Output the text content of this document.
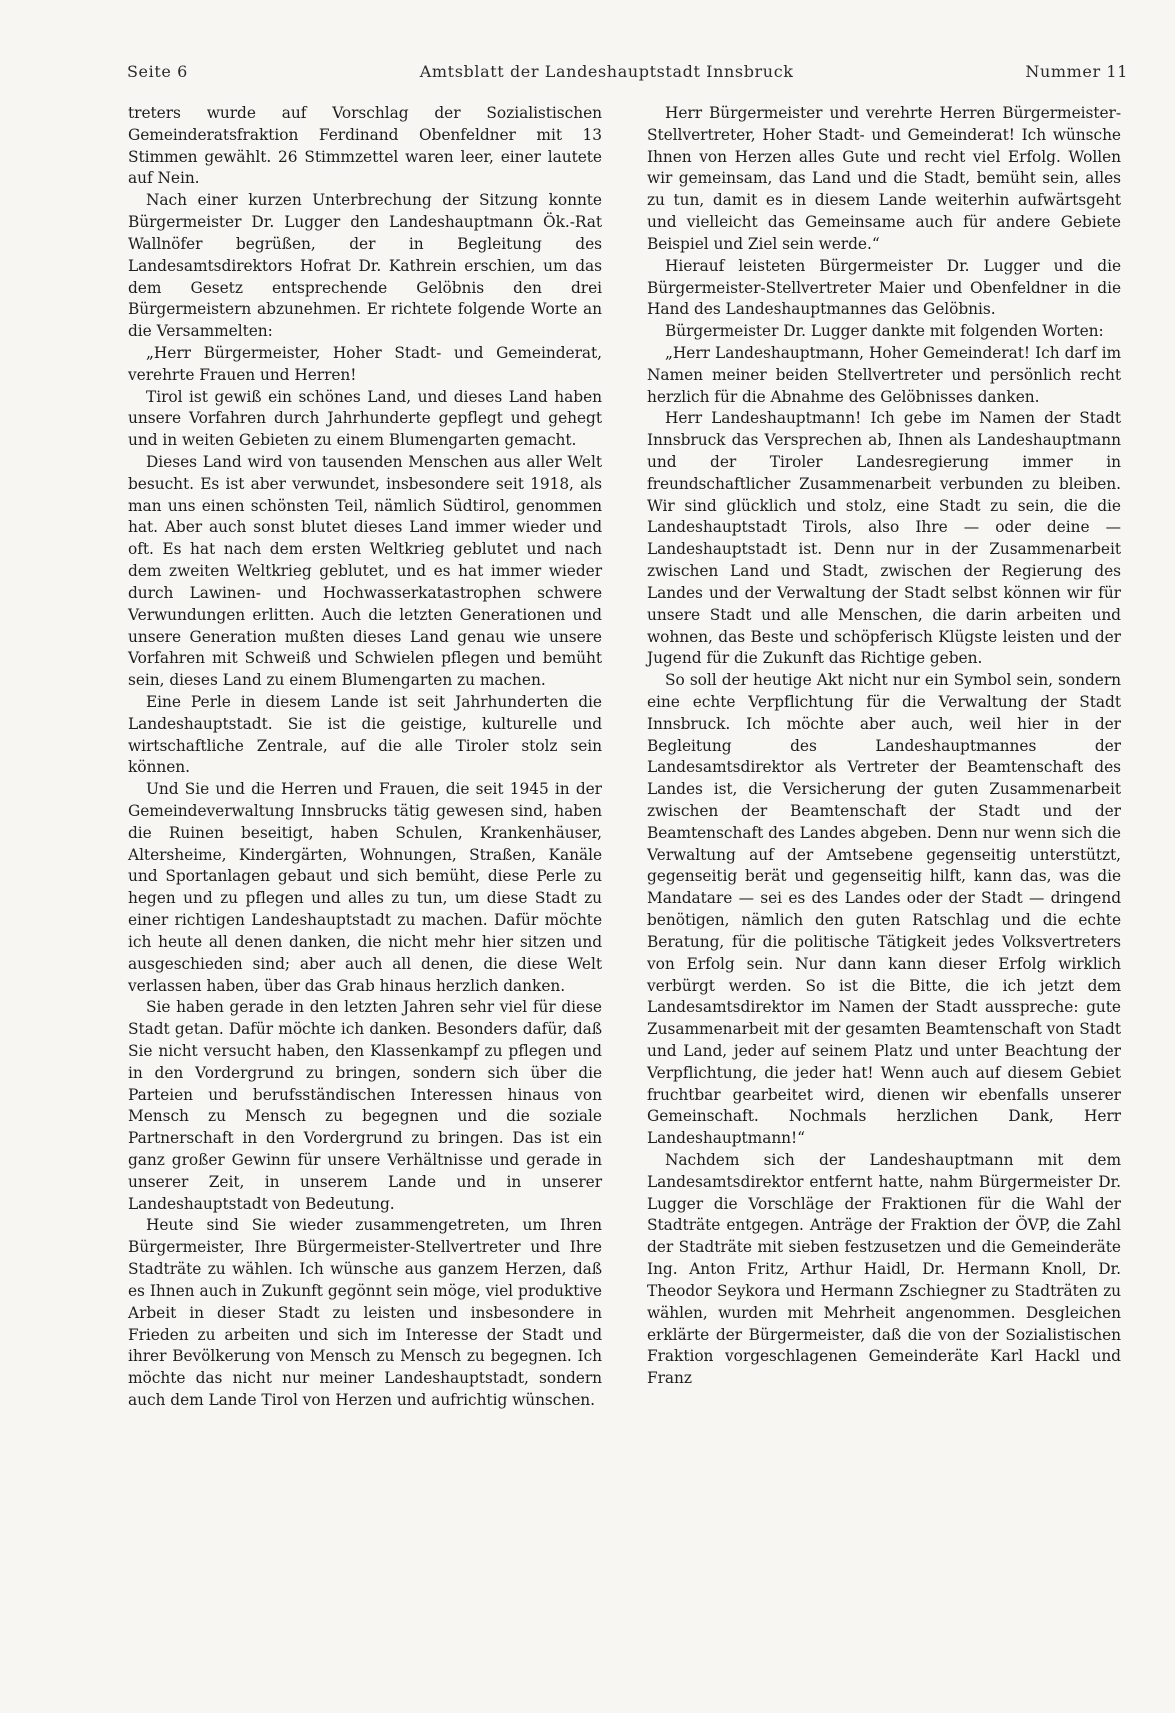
Seite 6	Amtsblatt der Landeshauptstadt Innsbruck	Nummer 11

treters wurde auf Vorschlag der Sozialistischen Gemeinderatsfraktion Ferdinand Obenfeldner mit 13 Stimmen gewählt. 26 Stimmzettel waren leer, einer lautete auf Nein.

Nach einer kurzen Unterbrechung der Sitzung konnte Bürgermeister Dr. Lugger den Landeshauptmann Ök.-Rat Wallnöfer begrüßen, der in Begleitung des Landesamtsdirektors Hofrat Dr. Kathrein erschien, um das dem Gesetz entsprechende Gelöbnis den drei Bürgermeistern abzunehmen. Er richtete folgende Worte an die Versammelten:

„Herr Bürgermeister, Hoher Stadt- und Gemeinderat, verehrte Frauen und Herren!

Tirol ist gewiß ein schönes Land, und dieses Land haben unsere Vorfahren durch Jahrhunderte gepflegt und gehegt und in weiten Gebieten zu einem Blumengarten gemacht.

Dieses Land wird von tausenden Menschen aus aller Welt besucht. Es ist aber verwundet, insbesondere seit 1918, als man uns einen schönsten Teil, nämlich Südtirol, genommen hat. Aber auch sonst blutet dieses Land immer wieder und oft. Es hat nach dem ersten Weltkrieg geblutet und nach dem zweiten Weltkrieg geblutet, und es hat immer wieder durch Lawinen- und Hochwasserkatastrophen schwere Verwundungen erlitten. Auch die letzten Generationen und unsere Generation mußten dieses Land genau wie unsere Vorfahren mit Schweiß und Schwielen pflegen und bemüht sein, dieses Land zu einem Blumengarten zu machen.

Eine Perle in diesem Lande ist seit Jahrhunderten die Landeshauptstadt. Sie ist die geistige, kulturelle und wirtschaftliche Zentrale, auf die alle Tiroler stolz sein können.

Und Sie und die Herren und Frauen, die seit 1945 in der Gemeindeverwaltung Innsbrucks tätig gewesen sind, haben die Ruinen beseitigt, haben Schulen, Krankenhäuser, Altersheime, Kindergärten, Wohnungen, Straßen, Kanäle und Sportanlagen gebaut und sich bemüht, diese Perle zu hegen und zu pflegen und alles zu tun, um diese Stadt zu einer richtigen Landeshauptstadt zu machen. Dafür möchte ich heute all denen danken, die nicht mehr hier sitzen und ausgeschieden sind; aber auch all denen, die diese Welt verlassen haben, über das Grab hinaus herzlich danken.

Sie haben gerade in den letzten Jahren sehr viel für diese Stadt getan. Dafür möchte ich danken. Besonders dafür, daß Sie nicht versucht haben, den Klassenkampf zu pflegen und in den Vordergrund zu bringen, sondern sich über die Parteien und berufsständischen Interessen hinaus von Mensch zu Mensch zu begegnen und die soziale Partnerschaft in den Vordergrund zu bringen. Das ist ein ganz großer Gewinn für unsere Verhältnisse und gerade in unserer Zeit, in unserem Lande und in unserer Landeshauptstadt von Bedeutung.

Heute sind Sie wieder zusammengetreten, um Ihren Bürgermeister, Ihre Bürgermeister-Stellvertreter und Ihre Stadträte zu wählen. Ich wünsche aus ganzem Herzen, daß es Ihnen auch in Zukunft gegönnt sein möge, viel produktive Arbeit in dieser Stadt zu leisten und insbesondere in Frieden zu arbeiten und sich im Interesse der Stadt und ihrer Bevölkerung von Mensch zu Mensch zu begegnen. Ich möchte das nicht nur meiner Landeshauptstadt, sondern auch dem Lande Tirol von Herzen und aufrichtig wünschen.

Herr Bürgermeister und verehrte Herren Bürgermeister-Stellvertreter, Hoher Stadt- und Gemeinderat! Ich wünsche Ihnen von Herzen alles Gute und recht viel Erfolg. Wollen wir gemeinsam, das Land und die Stadt, bemüht sein, alles zu tun, damit es in diesem Lande weiterhin aufwärtsgeht und vielleicht das Gemeinsame auch für andere Gebiete Beispiel und Ziel sein werde.“

Hierauf leisteten Bürgermeister Dr. Lugger und die Bürgermeister-Stellvertreter Maier und Obenfeldner in die Hand des Landeshauptmannes das Gelöbnis.

Bürgermeister Dr. Lugger dankte mit folgenden Worten:

„Herr Landeshauptmann, Hoher Gemeinderat! Ich darf im Namen meiner beiden Stellvertreter und persönlich recht herzlich für die Abnahme des Gelöbnisses danken.

Herr Landeshauptmann! Ich gebe im Namen der Stadt Innsbruck das Versprechen ab, Ihnen als Landeshauptmann und der Tiroler Landesregierung immer in freundschaftlicher Zusammenarbeit verbunden zu bleiben. Wir sind glücklich und stolz, eine Stadt zu sein, die die Landeshauptstadt Tirols, also Ihre — oder deine — Landeshauptstadt ist. Denn nur in der Zusammenarbeit zwischen Land und Stadt, zwischen der Regierung des Landes und der Verwaltung der Stadt selbst können wir für unsere Stadt und alle Menschen, die darin arbeiten und wohnen, das Beste und schöpferisch Klügste leisten und der Jugend für die Zukunft das Richtige geben.

So soll der heutige Akt nicht nur ein Symbol sein, sondern eine echte Verpflichtung für die Verwaltung der Stadt Innsbruck. Ich möchte aber auch, weil hier in der Begleitung des Landeshauptmannes der Landesamtsdirektor als Vertreter der Beamtenschaft des Landes ist, die Versicherung der guten Zusammenarbeit zwischen der Beamtenschaft der Stadt und der Beamtenschaft des Landes abgeben. Denn nur wenn sich die Verwaltung auf der Amtsebene gegenseitig unterstützt, gegenseitig berät und gegenseitig hilft, kann das, was die Mandatare — sei es des Landes oder der Stadt — dringend benötigen, nämlich den guten Ratschlag und die echte Beratung, für die politische Tätigkeit jedes Volksvertreters von Erfolg sein. Nur dann kann dieser Erfolg wirklich verbürgt werden. So ist die Bitte, die ich jetzt dem Landesamtsdirektor im Namen der Stadt ausspreche: gute Zusammenarbeit mit der gesamten Beamtenschaft von Stadt und Land, jeder auf seinem Platz und unter Beachtung der Verpflichtung, die jeder hat! Wenn auch auf diesem Gebiet fruchtbar gearbeitet wird, dienen wir ebenfalls unserer Gemeinschaft. Nochmals herzlichen Dank, Herr Landeshauptmann!“

Nachdem sich der Landeshauptmann mit dem Landesamtsdirektor entfernt hatte, nahm Bürgermeister Dr. Lugger die Vorschläge der Fraktionen für die Wahl der Stadträte entgegen. Anträge der Fraktion der ÖVP, die Zahl der Stadträte mit sieben festzusetzen und die Gemeinderäte Ing. Anton Fritz, Arthur Haidl, Dr. Hermann Knoll, Dr. Theodor Seykora und Hermann Zschiegner zu Stadträten zu wählen, wurden mit Mehrheit angenommen. Desgleichen erklärte der Bürgermeister, daß die von der Sozialistischen Fraktion vorgeschlagenen Gemeinderäte Karl Hackl und Franz
